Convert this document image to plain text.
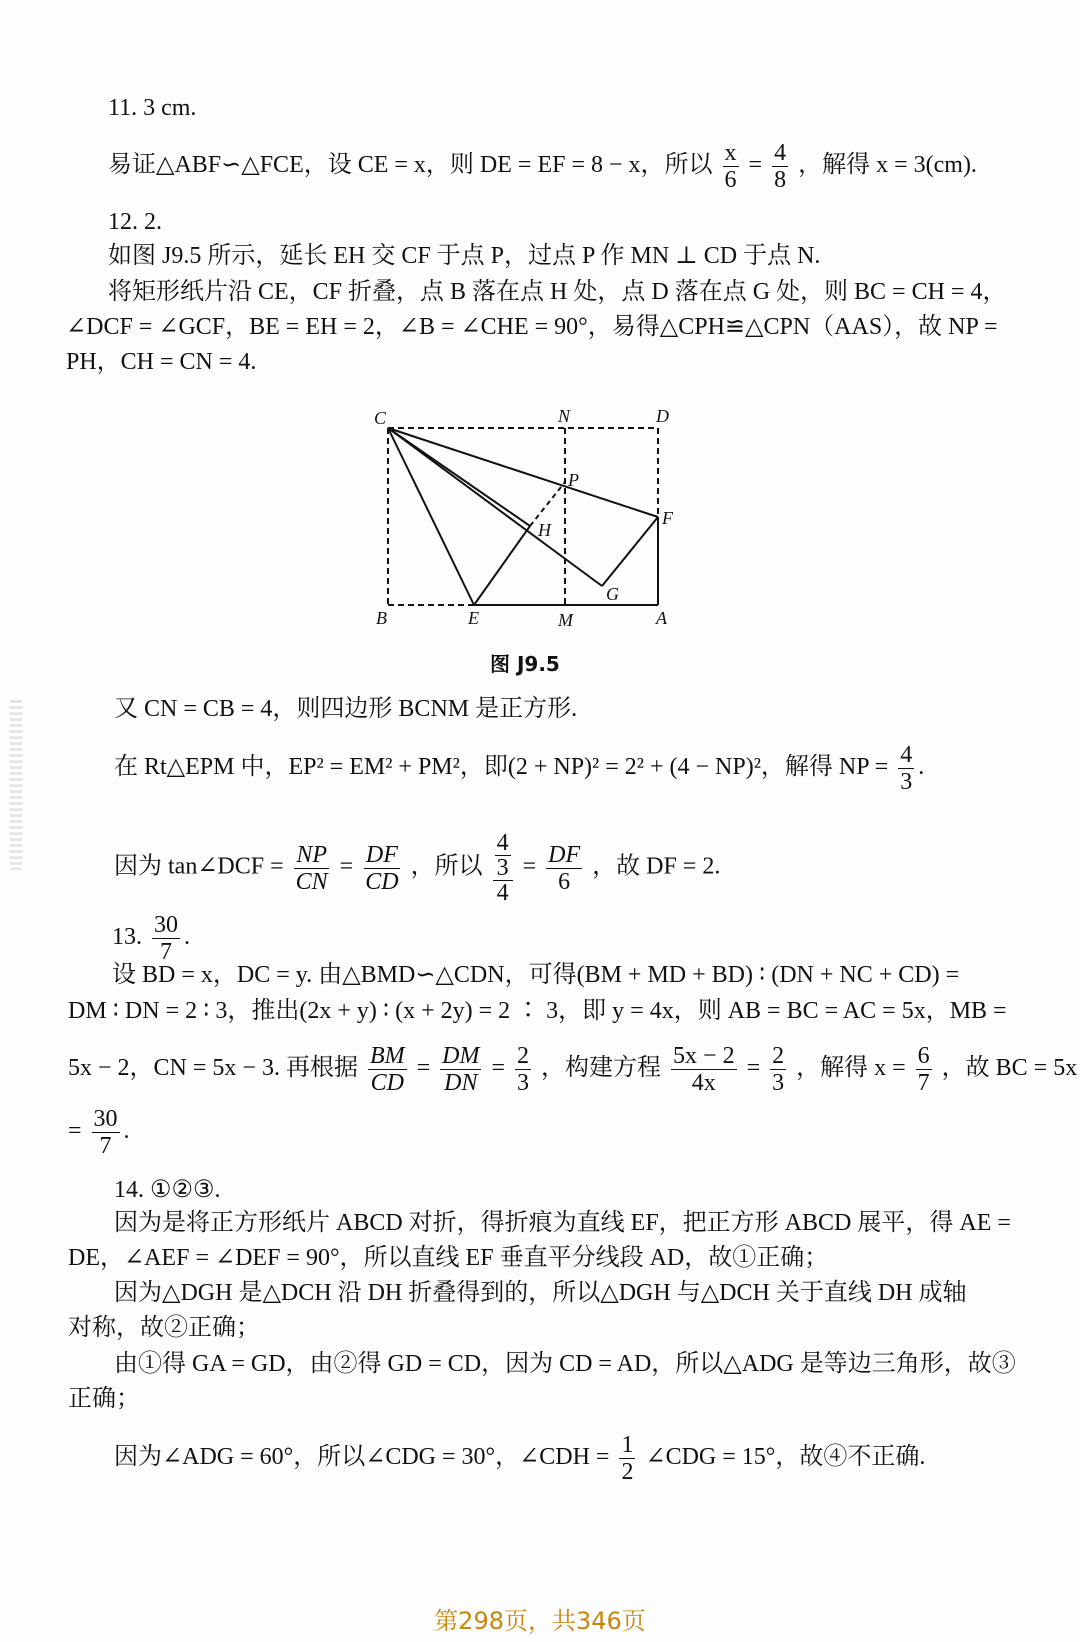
11. 3 cm.
易证△ABF∽△FCE，设 CE = x，则 DE = EF = 8 − x，所以 $\frac{x}{6} = \frac{4}{8}$ ，解得 x = 3(cm).
12. 2.
如图 J9.5 所示，延长 EH 交 CF 于点 P，过点 P 作 MN ⊥ CD 于点 N.
将矩形纸片沿 CE，CF 折叠，点 B 落在点 H 处，点 D 落在点 G 处，则 BC = CH = 4，
∠DCF = ∠GCF，BE = EH = 2，∠B = ∠CHE = 90°，易得△CPH≌△CPN（AAS），故 NP =
PH，CH = CN = 4.
C	N	D
P
F
H
G
B	E	M	A
图 J9.5
又 CN = CB = 4，则四边形 BCNM 是正方形.
在 Rt△EPM 中，EP² = EM² + PM²，即(2 + NP)² = 2² + (4 − NP)²，解得 NP = $\frac{4}{3}$ .
因为 tan∠DCF = $\frac{NP}{CN} = \frac{DF}{CD}$ ，所以 4
3
$4 = \frac{DF}{6}$ ，故 DF = 2.
13. $\frac{30}{7}$ .
设 BD = x，DC = y. 由△BMD∽△CDN，可得(BM + MD + BD) ∶ (DN + NC + CD) =
DM ∶ DN = 2 ∶ 3，推出(2x + y) ∶ (x + 2y) = 2 ∶ 3，即 y = 4x，则 AB = BC = AC = 5x，MB =
5x − 2，CN = 5x − 3. 再根据 $\frac{BM}{CD} = \frac{DM}{DN} = \frac{2}{3}$ ，构建方程 $\frac{5x - 2}{4x} = \frac{2}{3}$ ，解得 $x = \frac{6}{7}$ ，故 BC = 5x
= $\frac{30}{7}$ .
14. ①②③.
因为是将正方形纸片 ABCD 对折，得折痕为直线 EF，把正方形 ABCD 展平，得 AE =
DE，∠AEF = ∠DEF = 90°，所以直线 EF 垂直平分线段 AD，故①正确；
因为△DGH 是△DCH 沿 DH 折叠得到的，所以△DGH 与△DCH 关于直线 DH 成轴
对称，故②正确；
由①得 GA = GD，由②得 GD = CD，因为 CD = AD，所以△ADG 是等边三角形，故③
正确；
因为∠ADG = 60°，所以∠CDG = 30°，∠CDH = $\frac{1}{2}$ ∠CDG = 15°，故④不正确.
第298页，共346页
